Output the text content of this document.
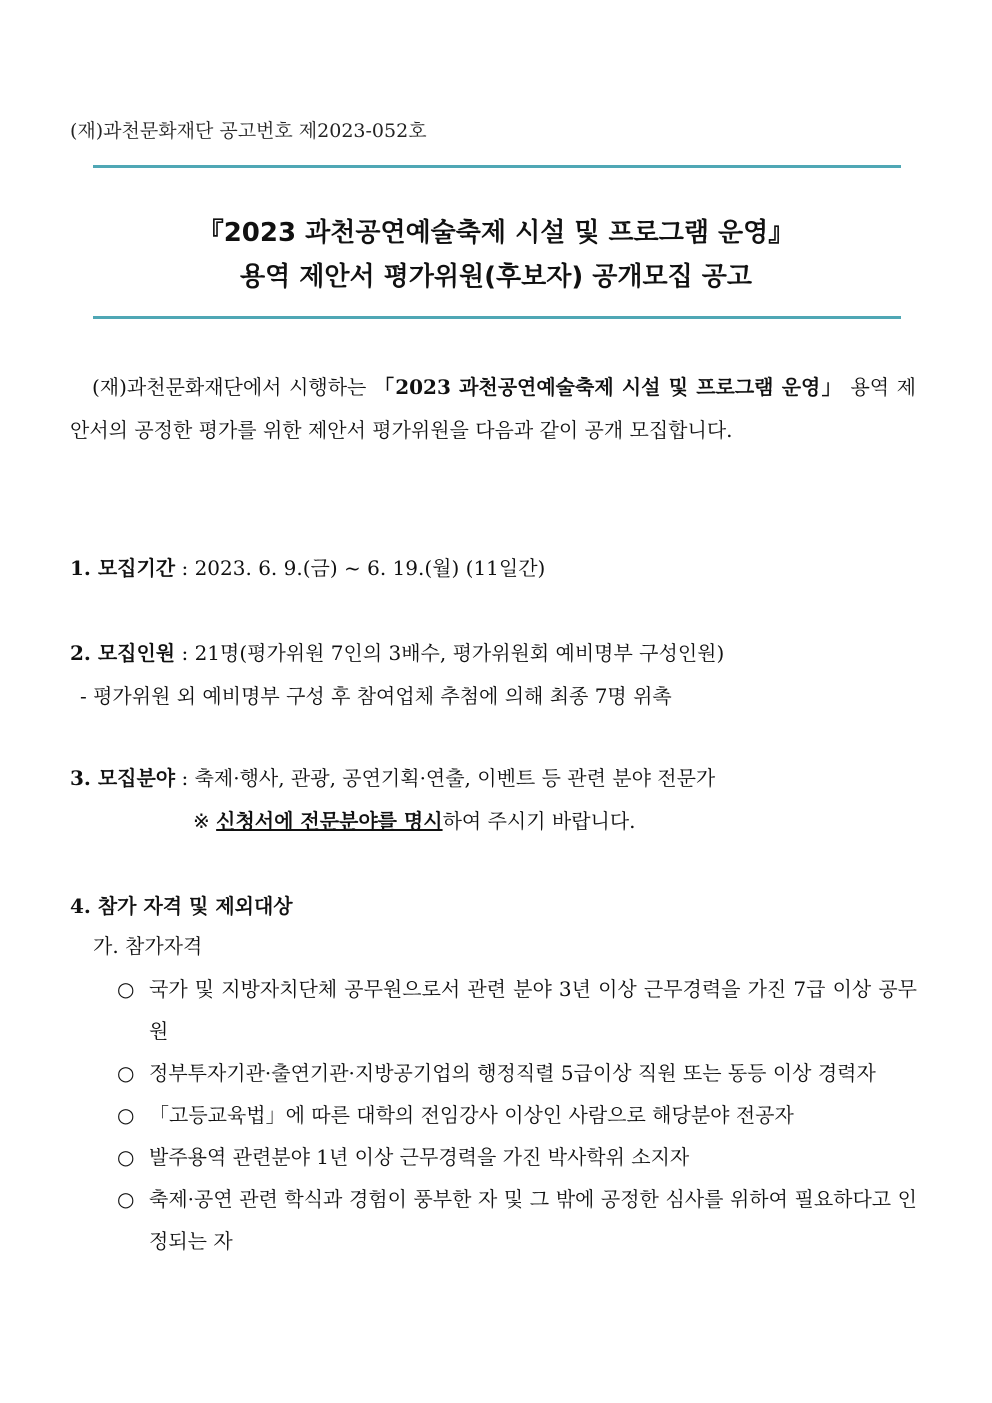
(재)과천문화재단 공고번호 제2023-052호
『2023 과천공연예술축제 시설 및 프로그램 운영』
용역 제안서 평가위원(후보자) 공개모집 공고
(재)과천문화재단에서 시행하는 「2023 과천공연예술축제 시설 및 프로그램 운영」 용역 제안서의 공정한 평가를 위한 제안서 평가위원을 다음과 같이 공개 모집합니다.
1. 모집기간 : 2023. 6. 9.(금) ~ 6. 19.(월) (11일간)
2. 모집인원 : 21명(평가위원 7인의 3배수, 평가위원회 예비명부 구성인원)
- 평가위원 외 예비명부 구성 후 참여업체 추첨에 의해 최종 7명 위촉
3. 모집분야 : 축제·행사, 관광, 공연기획·연출, 이벤트 등 관련 분야 전문가
※ 신청서에 전문분야를 명시하여 주시기 바랍니다.
4. 참가 자격 및 제외대상
가. 참가자격
○ 국가 및 지방자치단체 공무원으로서 관련 분야 3년 이상 근무경력을 가진 7급 이상 공무원
○ 정부투자기관·출연기관·지방공기업의 행정직렬 5급이상 직원 또는 동등 이상 경력자
○ 「고등교육법」에 따른 대학의 전임강사 이상인 사람으로 해당분야 전공자
○ 발주용역 관련분야 1년 이상 근무경력을 가진 박사학위 소지자
○ 축제·공연 관련 학식과 경험이 풍부한 자 및 그 밖에 공정한 심사를 위하여 필요하다고 인정되는 자
